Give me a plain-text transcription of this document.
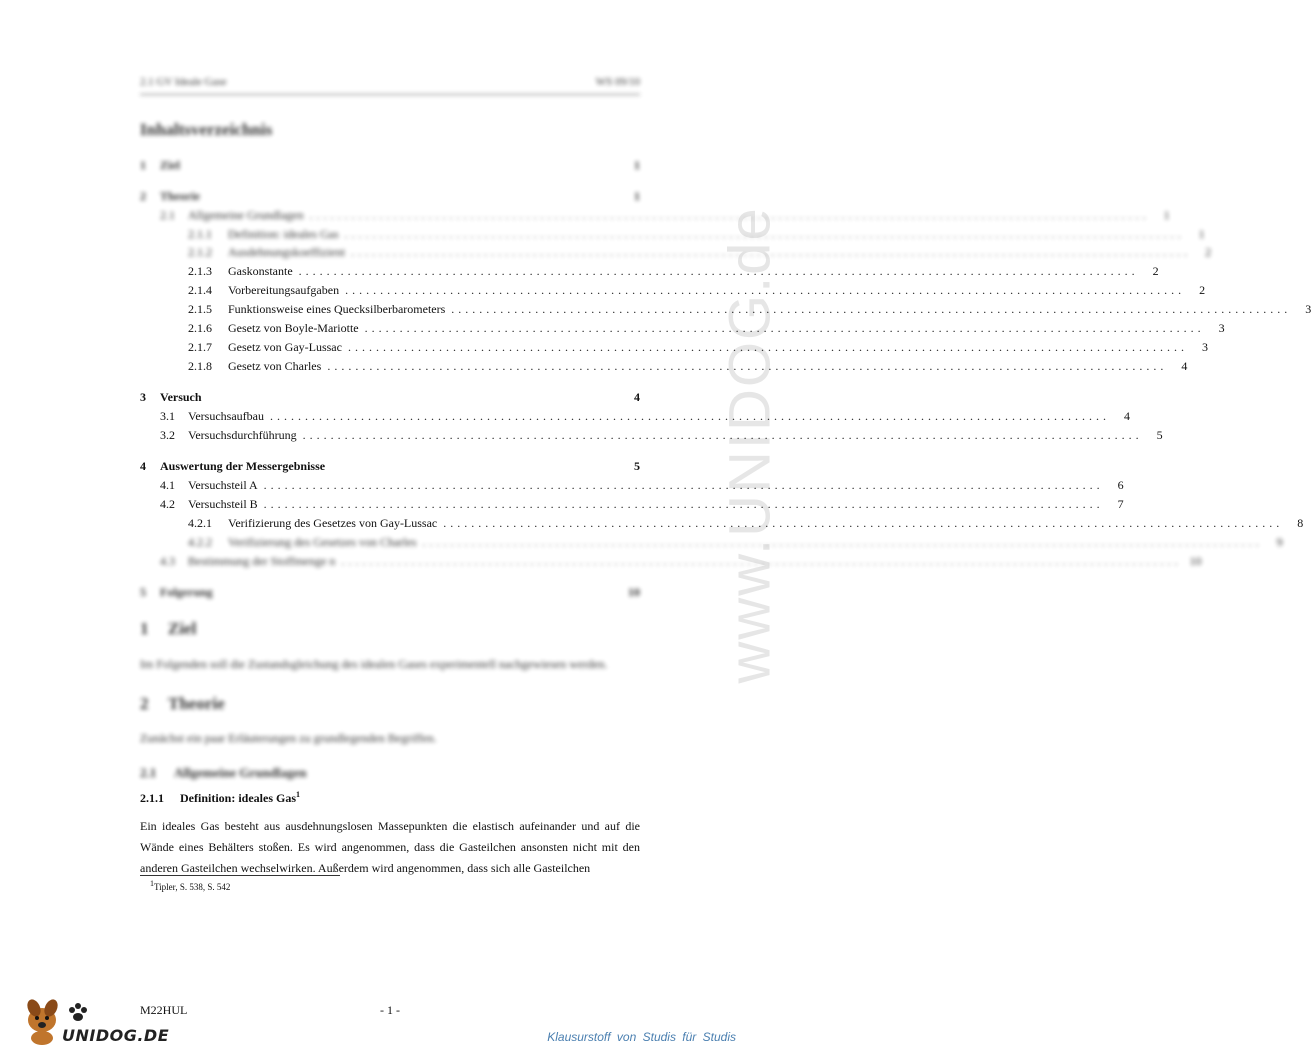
2.1 GV Ideale Gase	WS 09/10
www.UNIDOG.de
Inhaltsverzeichnis
1	Ziel	1
2	Theorie	1
2.1	Allgemeine Grundlagen ........................................................................................................................	1
2.1.1	Definition: ideales Gas ........................................................................................................................	1
2.1.2	Ausdehnungskoeffizient ........................................................................................................................	2
2.1.3	Gaskonstante ........................................................................................................................	2
2.1.4	Vorbereitungsaufgaben ........................................................................................................................	2
2.1.5	Funktionsweise eines Quecksilberbarometers ........................................................................................................................	3
2.1.6	Gesetz von Boyle-Mariotte ........................................................................................................................	3
2.1.7	Gesetz von Gay-Lussac ........................................................................................................................	3
2.1.8	Gesetz von Charles ........................................................................................................................	4
3	Versuch	4
3.1	Versuchsaufbau ........................................................................................................................	4
3.2	Versuchsdurchführung ........................................................................................................................	5
4	Auswertung der Messergebnisse	5
4.1	Versuchsteil A ........................................................................................................................	6
4.2	Versuchsteil B ........................................................................................................................	7
4.2.1	Verifizierung des Gesetzes von Gay-Lussac ........................................................................................................................	8
4.2.2	Verifizierung des Gesetzes von Charles ........................................................................................................................	9
4.3	Bestimmung der Stoffmenge n ........................................................................................................................ 10
5	Folgerung	10
1 Ziel
Im Folgenden soll die Zustandsgleichung des idealen Gases experimentell nachgewiesen werden.
2 Theorie
Zunächst ein paar Erläuterungen zu grundlegenden Begriffen.
2.1 Allgemeine Grundlagen
2.1.1 Definition: ideales Gas$^1$
Ein ideales Gas besteht aus ausdehnungslosen Massepunkten die elastisch aufeinander und auf die Wände eines Behälters stoßen. Es wird angenommen, dass die Gasteilchen ansonsten nicht mit den anderen Gasteilchen wechselwirken. Außerdem wird angenommen, dass sich alle Gasteilchen
$^1$Tipler, S. 538, S. 542
M22HUL	- 1 -
UNIDOG.DE	Klausurstoff von Studis für Studis
